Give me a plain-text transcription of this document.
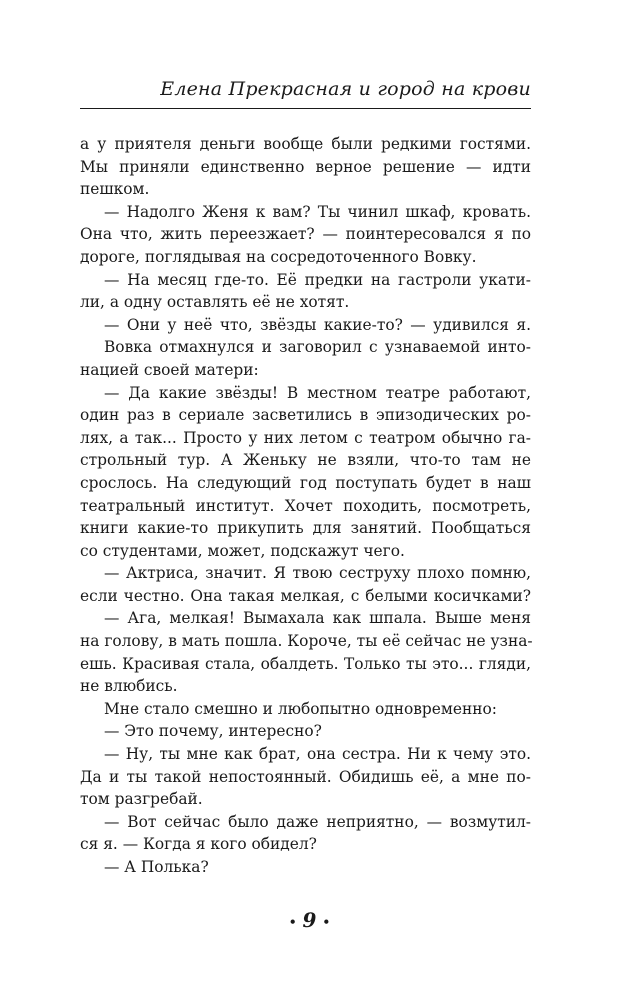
Елена Прекрасная и город на крови
а у приятеля деньги вообще были редкими гостями.
Мы приняли единственно верное решение — идти
пешком.
— Надолго Женя к вам? Ты чинил шкаф, кровать.
Она что, жить переезжает? — поинтересовался я по
дороге, поглядывая на сосредоточенного Вовку.
— На месяц где-то. Её предки на гастроли укати-
ли, а одну оставлять её не хотят.
— Они у неё что, звёзды какие-то? — удивился я.
Вовка отмахнулся и заговорил с узнаваемой инто-
нацией своей матери:
— Да какие звёзды! В местном театре работают,
один раз в сериале засветились в эпизодических ро-
лях, а так... Просто у них летом с театром обычно га-
строльный тур. А Женьку не взяли, что-то там не
срослось. На следующий год поступать будет в наш
театральный институт. Хочет походить, посмотреть,
книги какие-то прикупить для занятий. Пообщаться
со студентами, может, подскажут чего.
— Актриса, значит. Я твою сеструху плохо помню,
если честно. Она такая мелкая, с белыми косичками?
— Ага, мелкая! Вымахала как шпала. Выше меня
на голову, в мать пошла. Короче, ты её сейчас не узна-
ешь. Красивая стала, обалдеть. Только ты это... гляди,
не влюбись.
Мне стало смешно и любопытно одновременно:
— Это почему, интересно?
— Ну, ты мне как брат, она сестра. Ни к чему это.
Да и ты такой непостоянный. Обидишь её, а мне по-
том разгребай.
— Вот сейчас было даже неприятно, — возмутил-
ся я. — Когда я кого обидел?
— А Полька?
• 9 •
